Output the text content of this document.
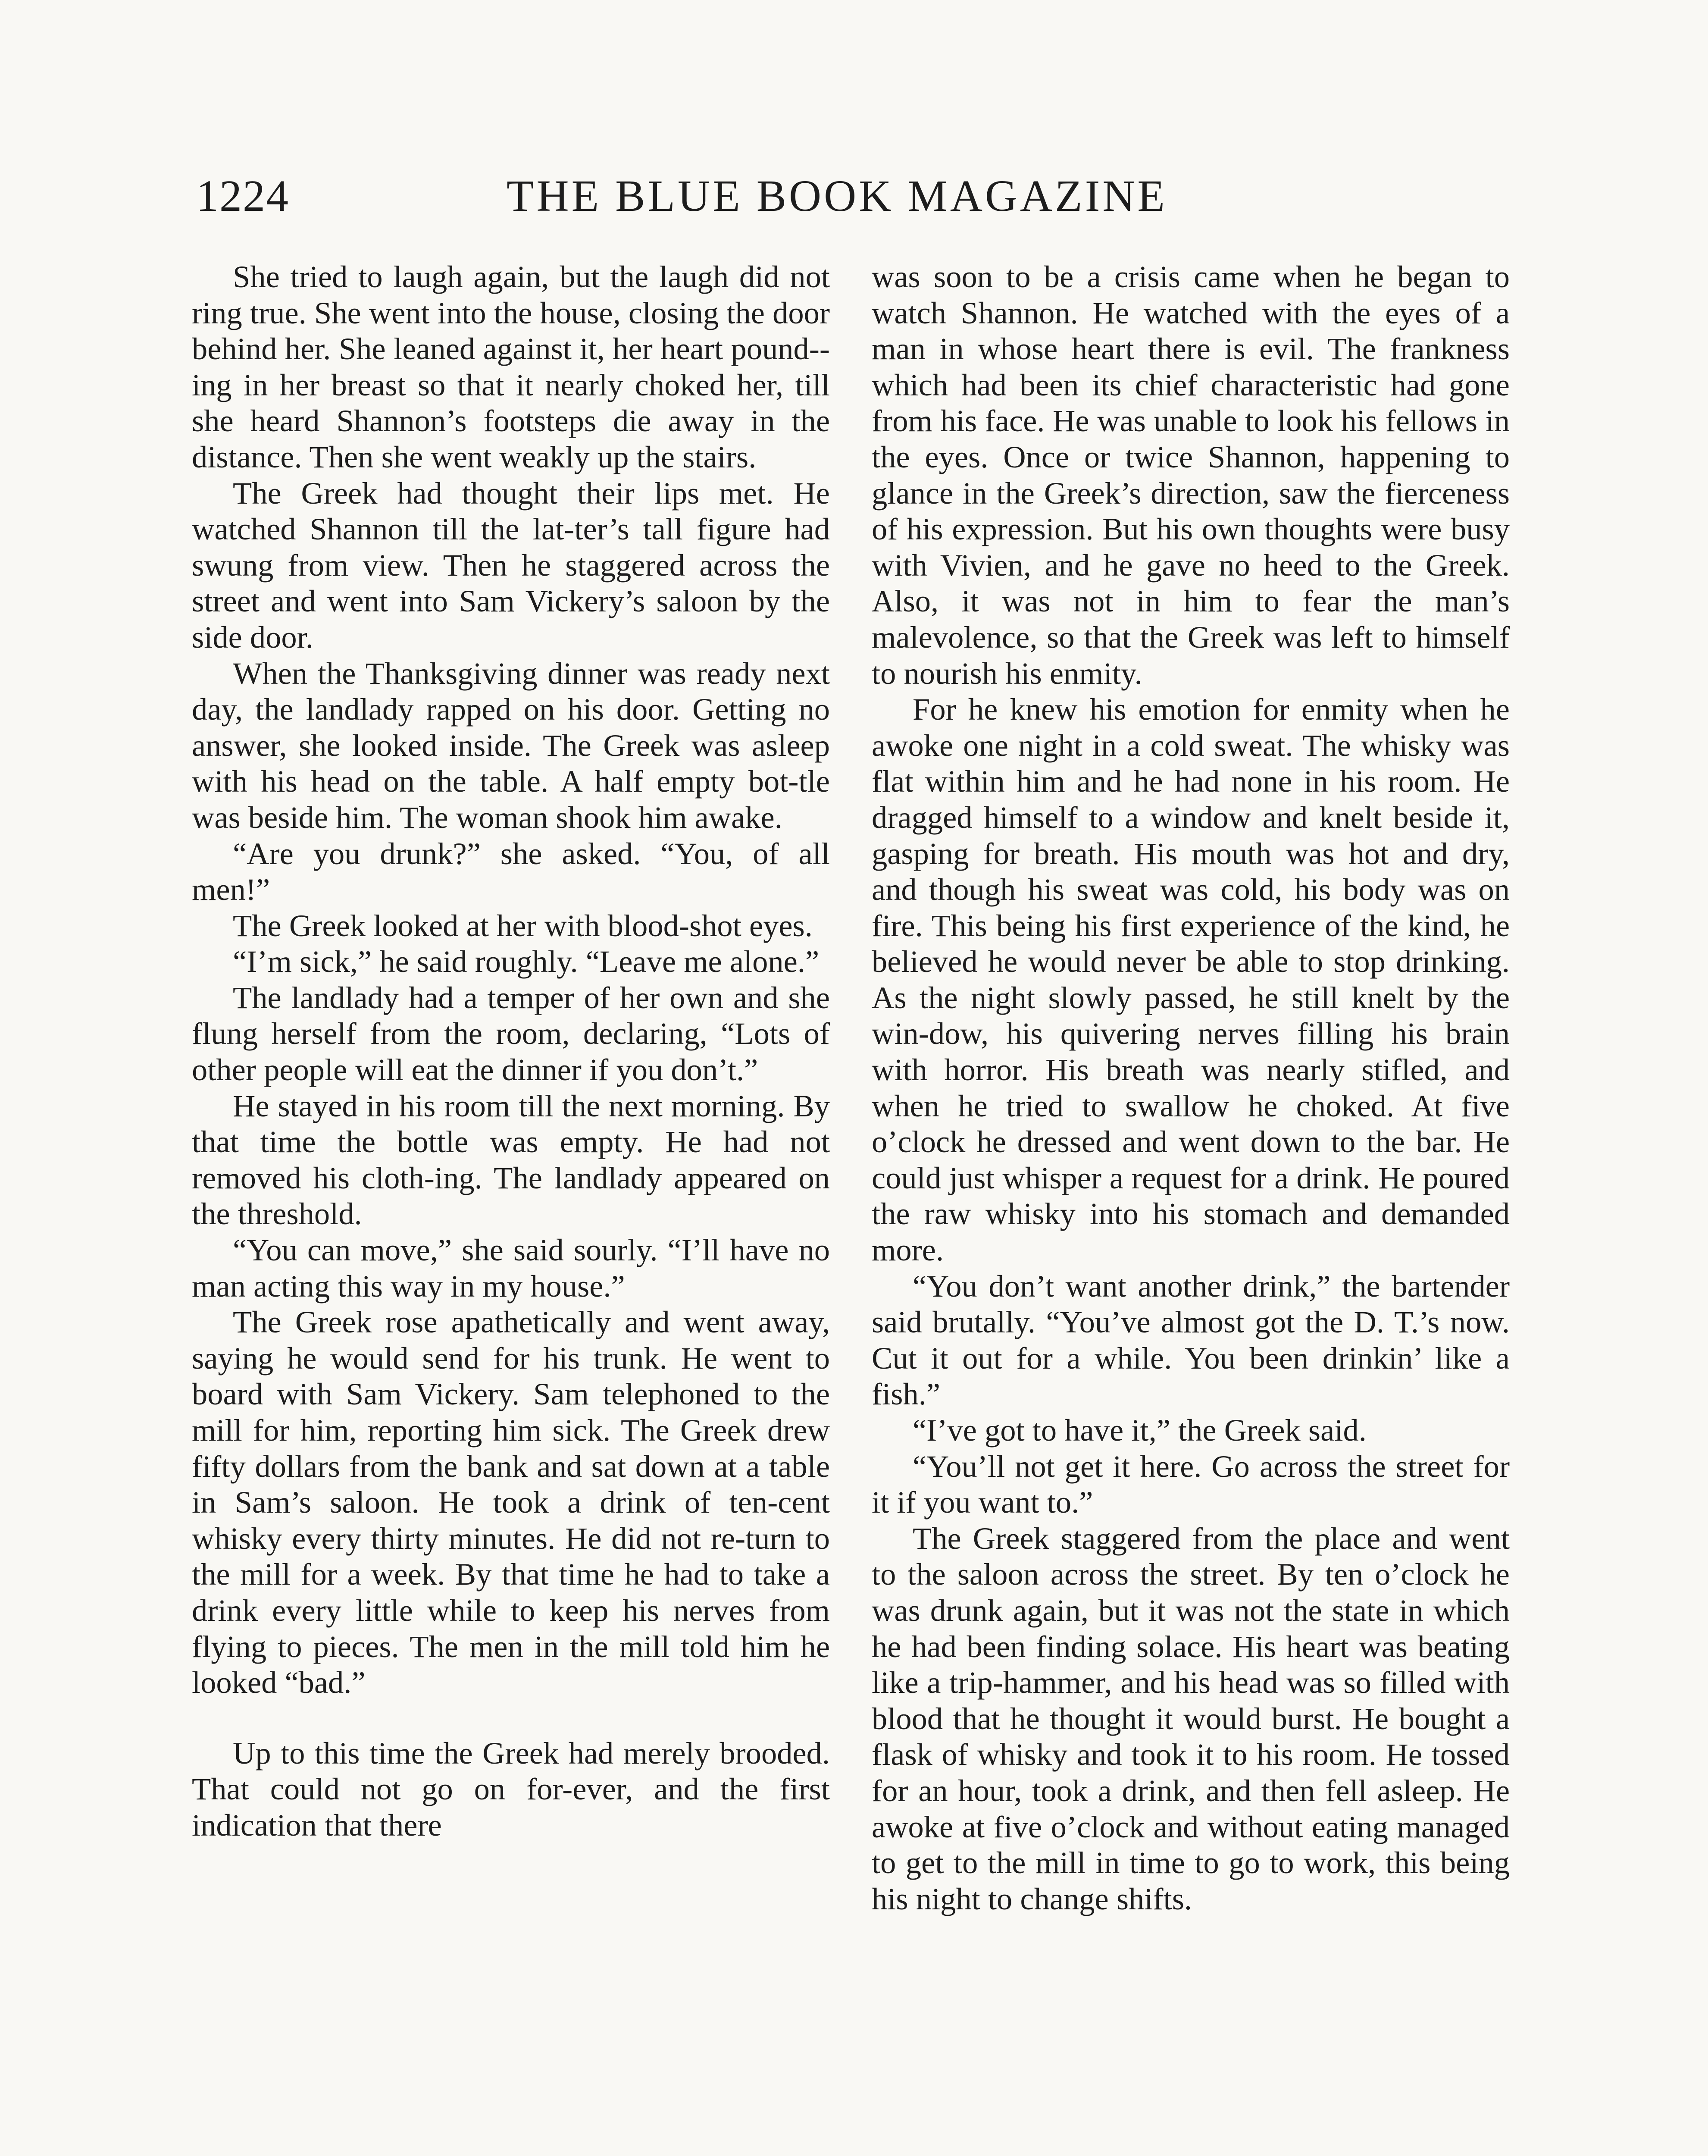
1224	THE BLUE BOOK MAGAZINE

She tried to laugh again, but the laugh did not ring true. She went into the house, closing the door behind her. She leaned against it, her heart pound-ing in her breast so that it nearly choked her, till she heard Shannon’s footsteps die away in the distance. Then she went weakly up the stairs.

The Greek had thought their lips met. He watched Shannon till the lat-ter’s tall figure had swung from view. Then he staggered across the street and went into Sam Vickery’s saloon by the side door.

When the Thanksgiving dinner was ready next day, the landlady rapped on his door. Getting no answer, she looked inside. The Greek was asleep with his head on the table. A half empty bot-tle was beside him. The woman shook him awake.

“Are you drunk?” she asked. “You, of all men!”

The Greek looked at her with blood-shot eyes.

“I’m sick,” he said roughly. “Leave me alone.”

The landlady had a temper of her own and she flung herself from the room, declaring, “Lots of other people will eat the dinner if you don’t.”

He stayed in his room till the next morning. By that time the bottle was empty. He had not removed his cloth-ing. The landlady appeared on the threshold.

“You can move,” she said sourly. “I’ll have no man acting this way in my house.”

The Greek rose apathetically and went away, saying he would send for his trunk. He went to board with Sam Vickery. Sam telephoned to the mill for him, reporting him sick. The Greek drew fifty dollars from the bank and sat down at a table in Sam’s saloon. He took a drink of ten-cent whisky every thirty minutes. He did not re-turn to the mill for a week. By that time he had to take a drink every little while to keep his nerves from flying to pieces. The men in the mill told him he looked “bad.”

Up to this time the Greek had merely brooded. That could not go on for-ever, and the first indication that there

was soon to be a crisis came when he began to watch Shannon. He watched with the eyes of a man in whose heart there is evil. The frankness which had been its chief characteristic had gone from his face. He was unable to look his fellows in the eyes. Once or twice Shannon, happening to glance in the Greek’s direction, saw the fierceness of his expression. But his own thoughts were busy with Vivien, and he gave no heed to the Greek. Also, it was not in him to fear the man’s malevolence, so that the Greek was left to himself to nourish his enmity.

For he knew his emotion for enmity when he awoke one night in a cold sweat. The whisky was flat within him and he had none in his room. He dragged himself to a window and knelt beside it, gasping for breath. His mouth was hot and dry, and though his sweat was cold, his body was on fire. This being his first experience of the kind, he believed he would never be able to stop drinking. As the night slowly passed, he still knelt by the win-dow, his quivering nerves filling his brain with horror. His breath was nearly stifled, and when he tried to swallow he choked. At five o’clock he dressed and went down to the bar. He could just whisper a request for a drink. He poured the raw whisky into his stomach and demanded more.

“You don’t want another drink,” the bartender said brutally. “You’ve almost got the D. T.’s now. Cut it out for a while. You been drinkin’ like a fish.”

“I’ve got to have it,” the Greek said.

“You’ll not get it here. Go across the street for it if you want to.”

The Greek staggered from the place and went to the saloon across the street. By ten o’clock he was drunk again, but it was not the state in which he had been finding solace. His heart was beating like a trip-hammer, and his head was so filled with blood that he thought it would burst. He bought a flask of whisky and took it to his room. He tossed for an hour, took a drink, and then fell asleep. He awoke at five o’clock and without eating managed to get to the mill in time to go to work, this being his night to change shifts.
